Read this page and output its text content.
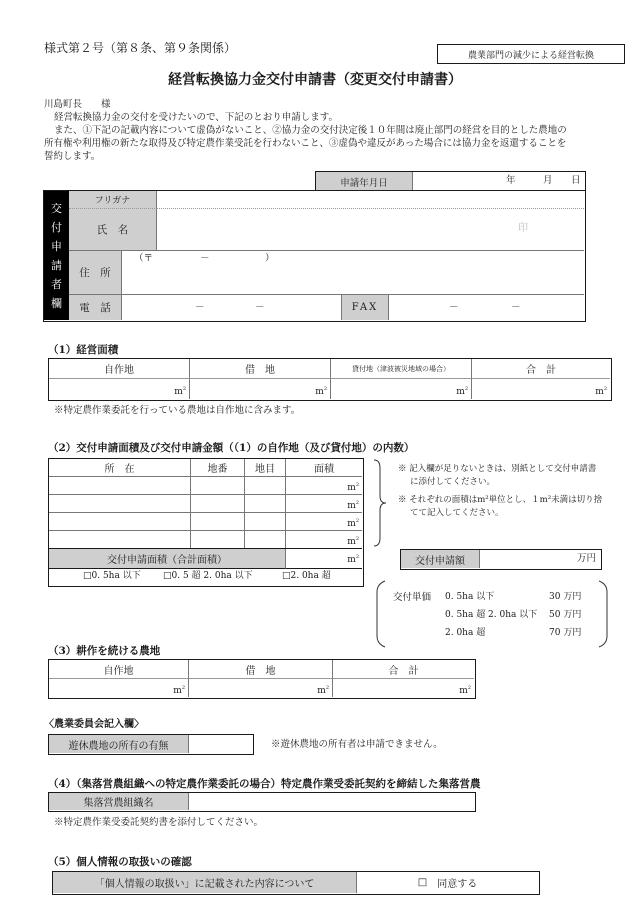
様式第２号（第８条、第９条関係）
農業部門の減少による経営転換
経営転換協力金交付申請書（変更交付申請書）
川島町長　　様
経営転換協力金の交付を受けたいので、下記のとおり申請します。
また、①下記の記載内容について虚偽がないこと、②協力金の交付決定後１０年間は廃止部門の経営を目的とした農地の
所有権や利用権の新たな取得及び特定農作業受託を行わないこと、③虚偽や違反があった場合には協力金を返還することを
誓約します。
申請年月日	年	月 日
交
付
申
請
者
欄
フリガナ
氏　名	印
住　所
（〒	－	）
電　話	－	－	FAX	－	－
（1）経営面積
自作地	借　地	貸付地（津波被災地域の場合）	合　計
$m^2$	$m^2$	$m^2$	$m^2$
※特定農作業委託を行っている農地は自作地に含みます。
（2）交付申請面積及び交付申請金額（（1）の自作地（及び貸付地）の内数）
所　在	地番	地目	面積
$m^2$
$m^2$
$m^2$
$m^2$
交付申請面積（合計面積）	$m^2$
□0. 5ha 以下 □0. 5 超 2. 0ha 以下	□2. 0ha 超
※ 記入欄が足りないときは、別紙として交付申請書
に添付してください。
※ それぞれの面積はm²単位とし、１m²未満は切り捨
てて記入してください。
交付申請額	万円
交付単価 0. 5ha 以下	30 万円
0. 5ha 超 2. 0ha 以下 50 万円
2. 0ha 超	70 万円
（3）耕作を続ける農地
自作地	借　地	合　計
$m^2$	$m^2$	$m^2$
〈農業委員会記入欄〉
遊休農地の所有の有無	※遊休農地の所有者は申請できません。
（4）（集落営農組織への特定農作業委託の場合）特定農作業受委託契約を締結した集落営農
集落営農組織名
※特定農作業受委託契約書を添付してください。
（5）個人情報の取扱いの確認
「個人情報の取扱い」に記載された内容について	□ 同意する
